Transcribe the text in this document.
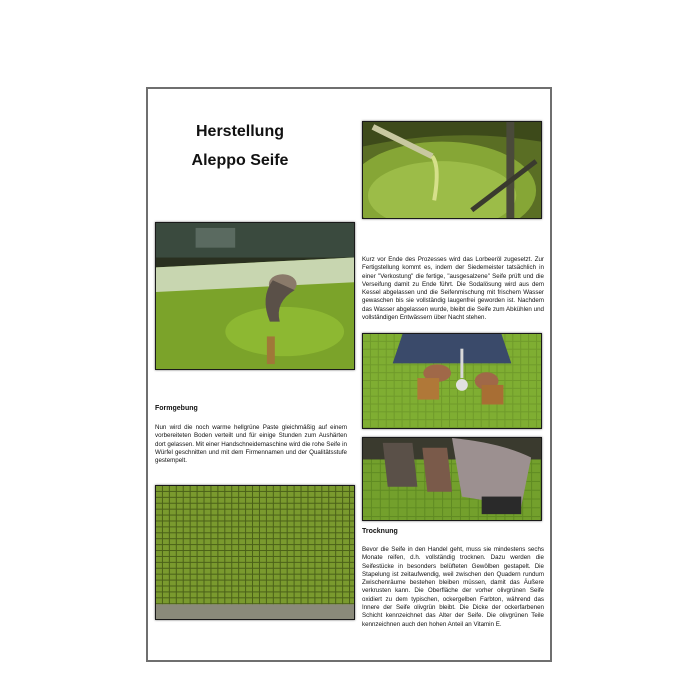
Herstellung
Aleppo Seife

Kurz vor Ende des Prozesses wird das Lorbeeröl zugesetzt. Zur Fertigstellung kommt es, indem der Siedemeister tatsächlich in einer "Verkostung" die fertige, "ausgesalzene" Seife prüft und die Verseifung damit zu Ende führt. Die Sodalösung wird aus dem Kessel abgelassen und die Seifenmischung mit frischem Wasser gewaschen bis sie vollständig laugenfrei geworden ist. Nachdem das Wasser abgelassen wurde, bleibt die Seife zum Abkühlen und vollständigen Entwässern über Nacht stehen.

Formgebung

Nun wird die noch warme hellgrüne Paste gleichmäßig auf einem vorbereiteten Boden verteilt und für einige Stunden zum Aushärten dort gelassen. Mit einer Handschneidemaschine wird die rohe Seife in Würfel geschnitten und mit dem Firmennamen und der Qualitätsstufe gestempelt.

Trocknung

Bevor die Seife in den Handel geht, muss sie mindestens sechs Monate reifen, d.h. vollständig trocknen. Dazu werden die Seifestücke in besonders belüfteten Gewölben gestapelt. Die Stapelung ist zeitaufwendig, weil zwischen den Quadern rundum Zwischenräume bestehen bleiben müssen, damit das Äußere verkrusten kann. Die Oberfläche der vorher olivgrünen Seife oxidiert zu dem typischen, ockergelben Farbton, während das Innere der Seife olivgrün bleibt. Die Dicke der ockerfarbenen Schicht kennzeichnet das Alter der Seife. Die olivgrünen Teile kennzeichnen auch den hohen Anteil an Vitamin E.
